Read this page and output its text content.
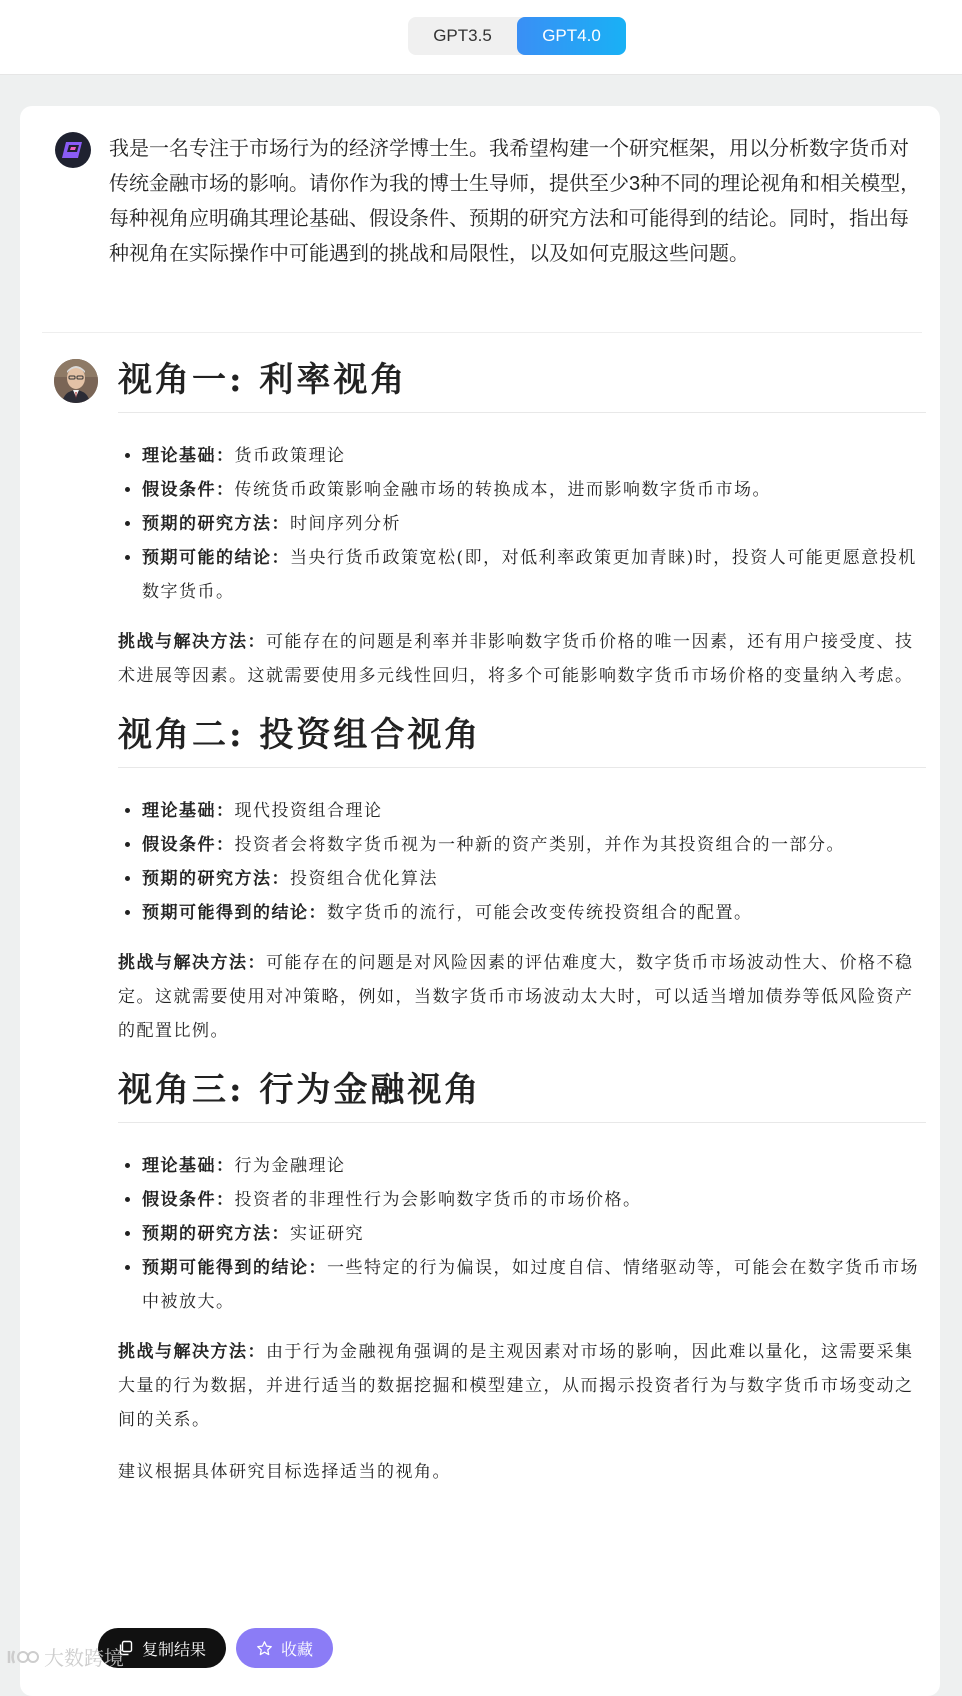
GPT3.5	GPT4.0
我是一名专注于市场行为的经济学博士生。我希望构建一个研究框架，用以分析数字货币对传统金融市场的影响。请你作为我的博士生导师，提供至少3种不同的理论视角和相关模型，每种视角应明确其理论基础、假设条件、预期的研究方法和可能得到的结论。同时，指出每种视角在实际操作中可能遇到的挑战和局限性，以及如何克服这些问题。
视角一: 利率视角
• 理论基础：货币政策理论
• 假设条件：传统货币政策影响金融市场的转换成本，进而影响数字货币市场。
• 预期的研究方法：时间序列分析
• 预期可能的结论：当央行货币政策宽松(即，对低利率政策更加青睐)时，投资人可能更愿意投机数字货币。

挑战与解决方法：可能存在的问题是利率并非影响数字货币价格的唯一因素，还有用户接受度、技术进展等因素。这就需要使用多元线性回归，将多个可能影响数字货币市场价格的变量纳入考虑。

视角二: 投资组合视角
• 理论基础：现代投资组合理论
• 假设条件：投资者会将数字货币视为一种新的资产类别，并作为其投资组合的一部分。
• 预期的研究方法：投资组合优化算法
• 预期可能得到的结论：数字货币的流行，可能会改变传统投资组合的配置。

挑战与解决方法：可能存在的问题是对风险因素的评估难度大，数字货币市场波动性大、价格不稳定。这就需要使用对冲策略，例如，当数字货币市场波动太大时，可以适当增加债券等低风险资产的配置比例。

视角三: 行为金融视角
• 理论基础：行为金融理论
• 假设条件：投资者的非理性行为会影响数字货币的市场价格。
• 预期的研究方法：实证研究
• 预期可能得到的结论：一些特定的行为偏误，如过度自信、情绪驱动等，可能会在数字货币市场中被放大。

挑战与解决方法：由于行为金融视角强调的是主观因素对市场的影响，因此难以量化，这需要采集大量的行为数据，并进行适当的数据挖掘和模型建立，从而揭示投资者行为与数字货币市场变动之间的关系。

建议根据具体研究目标选择适当的视角。

复制结果	收藏
大数跨境
